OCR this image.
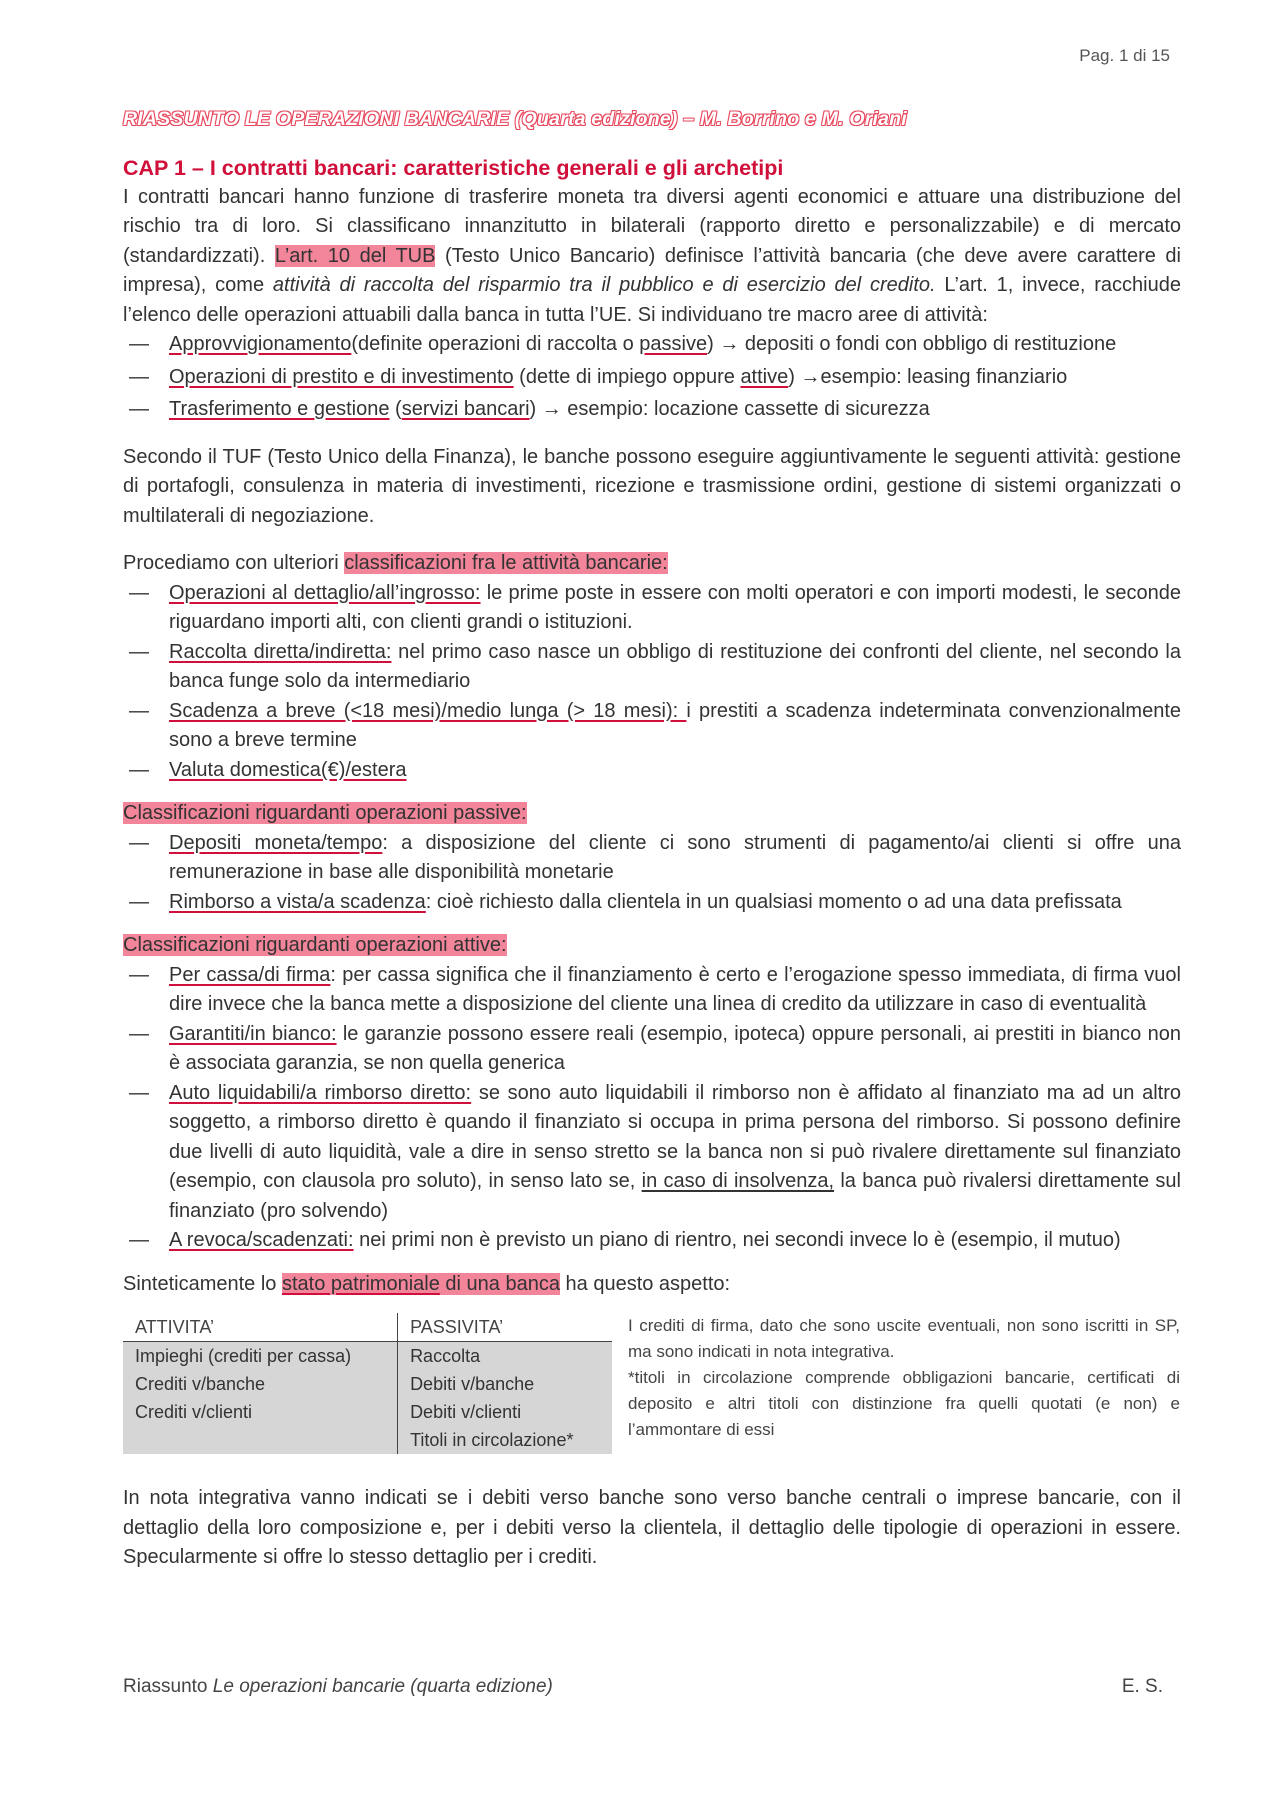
Pag. 1 di 15
RIASSUNTO LE OPERAZIONI BANCARIE (Quarta edizione) – M. Borrino e M. Oriani
CAP 1 – I contratti bancari: caratteristiche generali e gli archetipi

I contratti bancari hanno funzione di trasferire moneta tra diversi agenti economici e attuare una distribuzione del rischio tra di loro. Si classificano innanzitutto in bilaterali (rapporto diretto e personalizzabile) e di mercato (standardizzati). L’art. 10 del TUB (Testo Unico Bancario) definisce l’attività bancaria (che deve avere carattere di impresa), come attività di raccolta del risparmio tra il pubblico e di esercizio del credito. L’art. 1, invece, racchiude l’elenco delle operazioni attuabili dalla banca in tutta l’UE. Si individuano tre macro aree di attività:

— Approvvigionamento(definite operazioni di raccolta o passive) → depositi o fondi con obbligo di restituzione
— Operazioni di prestito e di investimento (dette di impiego oppure attive) →esempio: leasing finanziario
— Trasferimento e gestione (servizi bancari) → esempio: locazione cassette di sicurezza

Secondo il TUF (Testo Unico della Finanza), le banche possono eseguire aggiuntivamente le seguenti attività: gestione di portafogli, consulenza in materia di investimenti, ricezione e trasmissione ordini, gestione di sistemi organizzati o multilaterali di negoziazione.

Procediamo con ulteriori classificazioni fra le attività bancarie:

— Operazioni al dettaglio/all’ingrosso: le prime poste in essere con molti operatori e con importi modesti, le seconde riguardano importi alti, con clienti grandi o istituzioni.
— Raccolta diretta/indiretta: nel primo caso nasce un obbligo di restituzione dei confronti del cliente, nel secondo la banca funge solo da intermediario
— Scadenza a breve (<18 mesi)/medio lunga (> 18 mesi): i prestiti a scadenza indeterminata convenzionalmente sono a breve termine
— Valuta domestica(€)/estera

Classificazioni riguardanti operazioni passive:

— Depositi moneta/tempo: a disposizione del cliente ci sono strumenti di pagamento/ai clienti si offre una remunerazione in base alle disponibilità monetarie
— Rimborso a vista/a scadenza: cioè richiesto dalla clientela in un qualsiasi momento o ad una data prefissata

Classificazioni riguardanti operazioni attive:

— Per cassa/di firma: per cassa significa che il finanziamento è certo e l’erogazione spesso immediata, di firma vuol dire invece che la banca mette a disposizione del cliente una linea di credito da utilizzare in caso di eventualità
— Garantiti/in bianco: le garanzie possono essere reali (esempio, ipoteca) oppure personali, ai prestiti in bianco non è associata garanzia, se non quella generica
— Auto liquidabili/a rimborso diretto: se sono auto liquidabili il rimborso non è affidato al finanziato ma ad un altro soggetto, a rimborso diretto è quando il finanziato si occupa in prima persona del rimborso. Si possono definire due livelli di auto liquidità, vale a dire in senso stretto se la banca non si può rivalere direttamente sul finanziato (esempio, con clausola pro soluto), in senso lato se, in caso di insolvenza, la banca può rivalersi direttamente sul finanziato (pro solvendo)
— A revoca/scadenzati: nei primi non è previsto un piano di rientro, nei secondi invece lo è (esempio, il mutuo)

Sinteticamente lo stato patrimoniale di una banca ha questo aspetto:

ATTIVITA’	PASSIVITA’
Impieghi (crediti per cassa)	Raccolta
Crediti v/banche	Debiti v/banche
Crediti v/clienti	Debiti v/clienti
	Titoli in circolazione*
I crediti di firma, dato che sono uscite eventuali, non sono iscritti in SP, ma sono indicati in nota integrativa.
*titoli in circolazione comprende obbligazioni bancarie, certificati di deposito e altri titoli con distinzione fra quelli quotati (e non) e l’ammontare di essi

In nota integrativa vanno indicati se i debiti verso banche sono verso banche centrali o imprese bancarie, con il dettaglio della loro composizione e, per i debiti verso la clientela, il dettaglio delle tipologie di operazioni in essere. Specularmente si offre lo stesso dettaglio per i crediti.

Riassunto Le operazioni bancarie (quarta edizione)	E. S.
